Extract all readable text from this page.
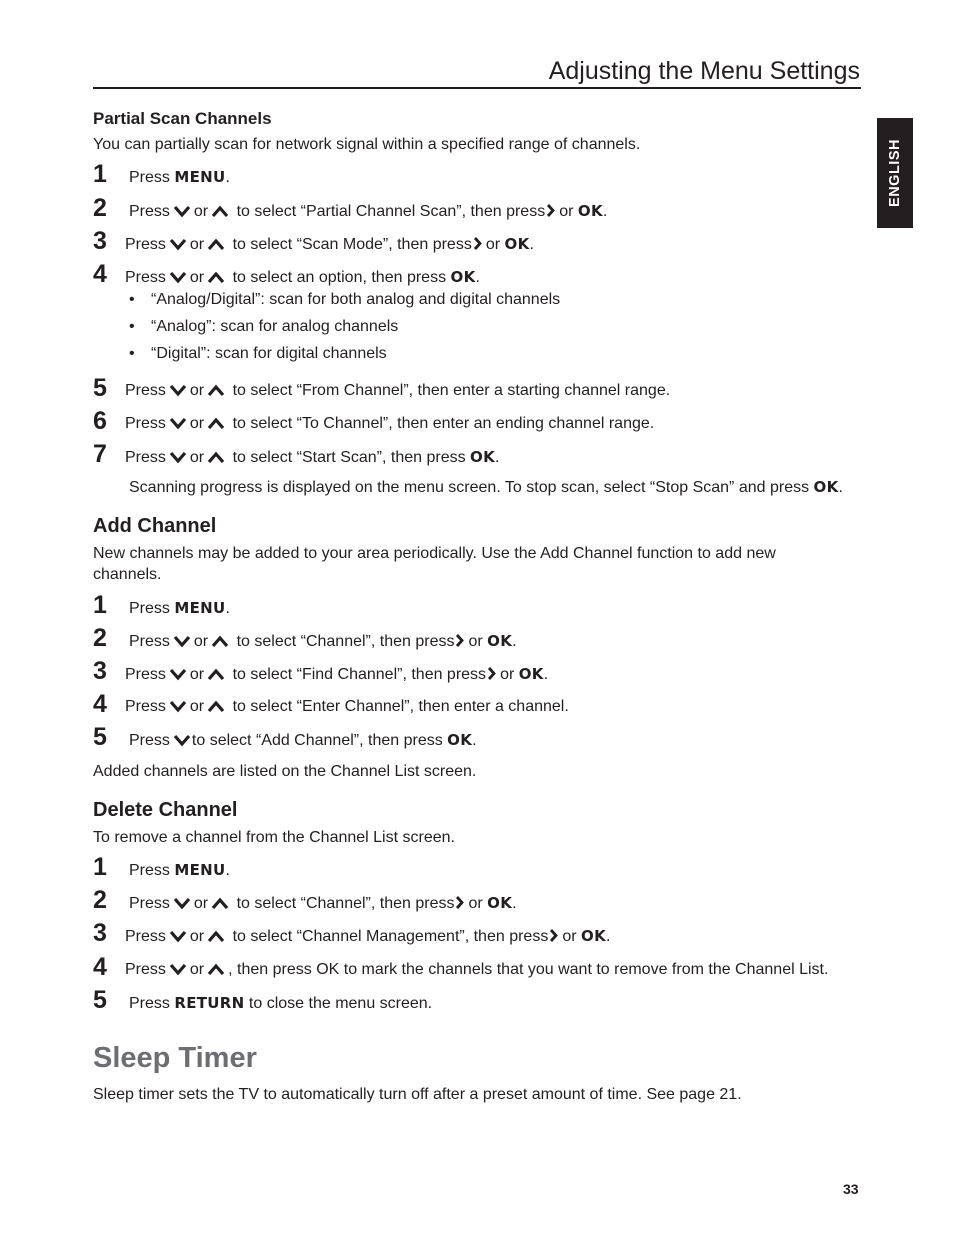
Adjusting the Menu Settings
ENGLISH
Partial Scan Channels
You can partially scan for network signal within a specified range of channels.
1 Press MENU.
2 Press or to select “Partial Channel Scan”, then press or OK.
3 Press or to select “Scan Mode”, then press or OK.
4 Press or to select an option, then press OK.
• “Analog/Digital”: scan for both analog and digital channels
• “Analog”: scan for analog channels
• “Digital”: scan for digital channels
5 Press or to select “From Channel”, then enter a starting channel range.
6 Press or to select “To Channel”, then enter an ending channel range.
7 Press or to select “Start Scan”, then press OK.
Scanning progress is displayed on the menu screen. To stop scan, select “Stop Scan” and press OK.
Add Channel
New channels may be added to your area periodically. Use the Add Channel function to add new channels.
1 Press MENU.
2 Press or to select “Channel”, then press or OK.
3 Press or to select “Find Channel”, then press or OK.
4 Press or to select “Enter Channel”, then enter a channel.
5 Press to select “Add Channel”, then press OK.
Added channels are listed on the Channel List screen.
Delete Channel
To remove a channel from the Channel List screen.
1 Press MENU.
2 Press or to select “Channel”, then press or OK.
3 Press or to select “Channel Management”, then press or OK.
4 Press or , then press OK to mark the channels that you want to remove from the Channel List.
5 Press RETURN to close the menu screen.
Sleep Timer
Sleep timer sets the TV to automatically turn off after a preset amount of time. See page 21.
33
